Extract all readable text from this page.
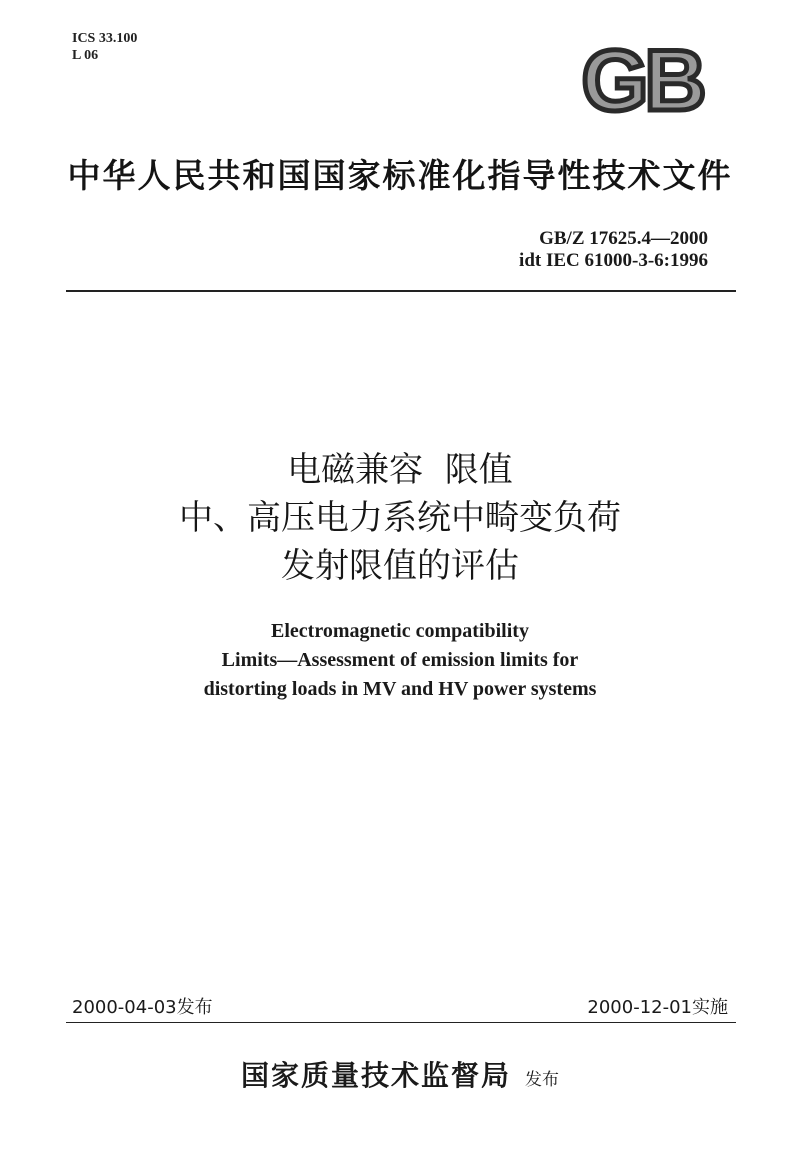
ICS 33.100
L 06	GB
中华人民共和国国家标准化指导性技术文件
GB/Z 17625.4—2000
idt IEC 61000-3-6:1996
电磁兼容  限值
中、高压电力系统中畸变负荷
发射限值的评估
Electromagnetic compatibility
Limits—Assessment of emission limits for
distorting loads in MV and HV power systems
2000-04-03发布	2000-12-01实施
国家质量技术监督局 发布
